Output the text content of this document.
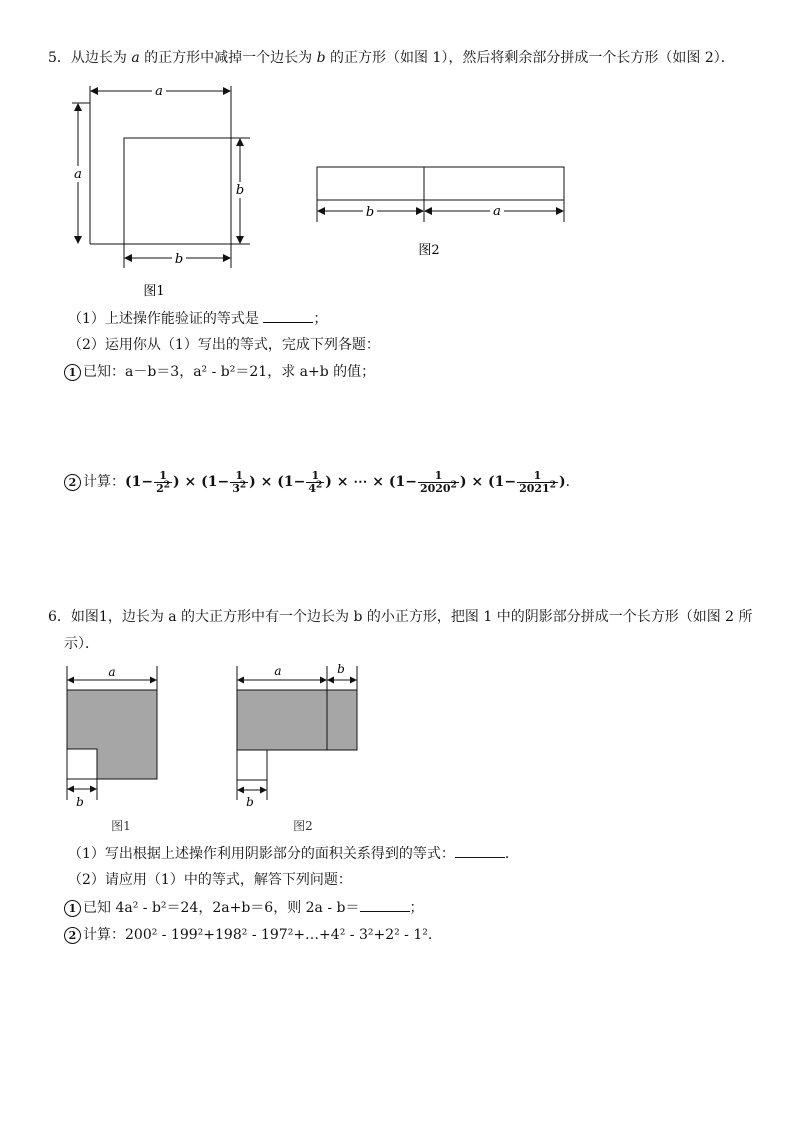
5．从边长为 a 的正方形中减掉一个边长为 b 的正方形（如图 1），然后将剩余部分拼成一个长方形（如图 2）．
a
a
b
b
图1
b	a
图2
（1）上述操作能验证的等式是	；
（2）运用你从（1）写出的等式，完成下列各题：
1 已知：a－b＝3，a² - b²＝21，求 a+b 的值；
2 计算：($1- \frac{1}{2^2}$ ) × ($1- \frac{1}{3^2}$ ) × ($1- \frac{1}{4^2}$ ) × ⋯ × ($1- \frac{1}{2020^2}$ ) × ($1- \frac{1}{2021^2}$ )．
6．如图1，边长为 a 的大正方形中有一个边长为 b 的小正方形，把图 1 中的阴影部分拼成一个长方形（如图 2 所
示）．
a
b
图1
a	b
b
图2
（1）写出根据上述操作利用阴影部分的面积关系得到的等式：	．
（2）请应用（1）中的等式，解答下列问题：
1 已知 4a² - b²＝24，2a+b＝6，则 2a - b＝	；
2 计算：200² - 199²+198² - 197²+…+4² - 3²+2² - 1².
